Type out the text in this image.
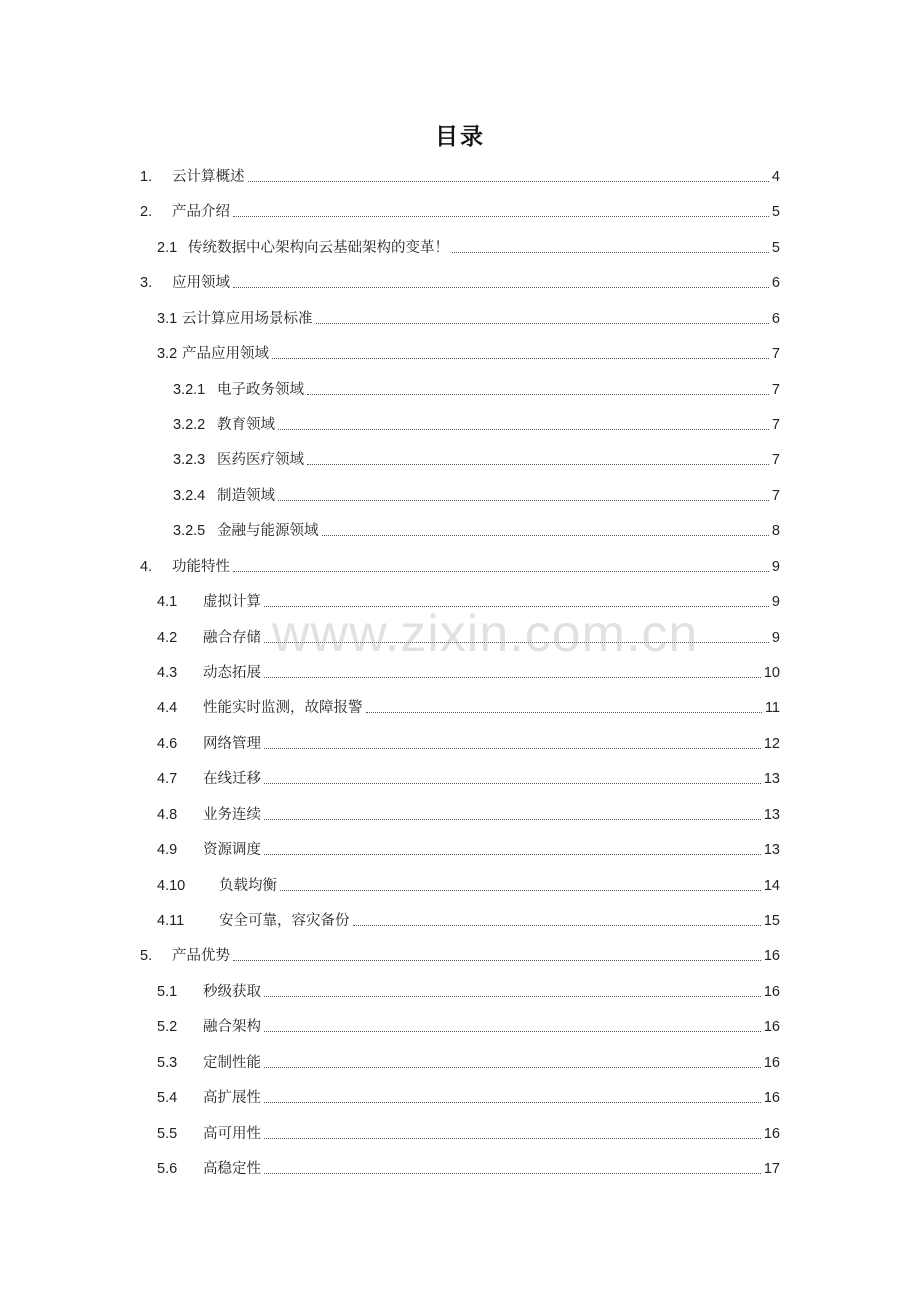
目录
1.	云计算概述	4
2.	产品介绍	5
2.1 传统数据中心架构向云基础架构的变革！	5
3.	应用领域	6
3.1 云计算应用场景标准	6
3.2 产品应用领域	7
3.2.1 电子政务领域	7
3.2.2 教育领域	7
3.2.3 医药医疗领域	7
3.2.4 制造领域	7
3.2.5 金融与能源领域	8
4.	功能特性	9
4.1	虚拟计算	9
4.2	融合存储	9
4.3	动态拓展	10
4.4	性能实时监测，故障报警	11
4.6	网络管理	12
4.7	在线迁移	13
4.8	业务连续	13
4.9	资源调度	13
4.10	负载均衡	14
4.11	安全可靠，容灾备份	15
5.	产品优势	16
5.1	秒级获取	16
5.2	融合架构	16
5.3	定制性能	16
5.4	高扩展性	16
5.5	高可用性	16
5.6	高稳定性	17
www.zixin.com.cn
